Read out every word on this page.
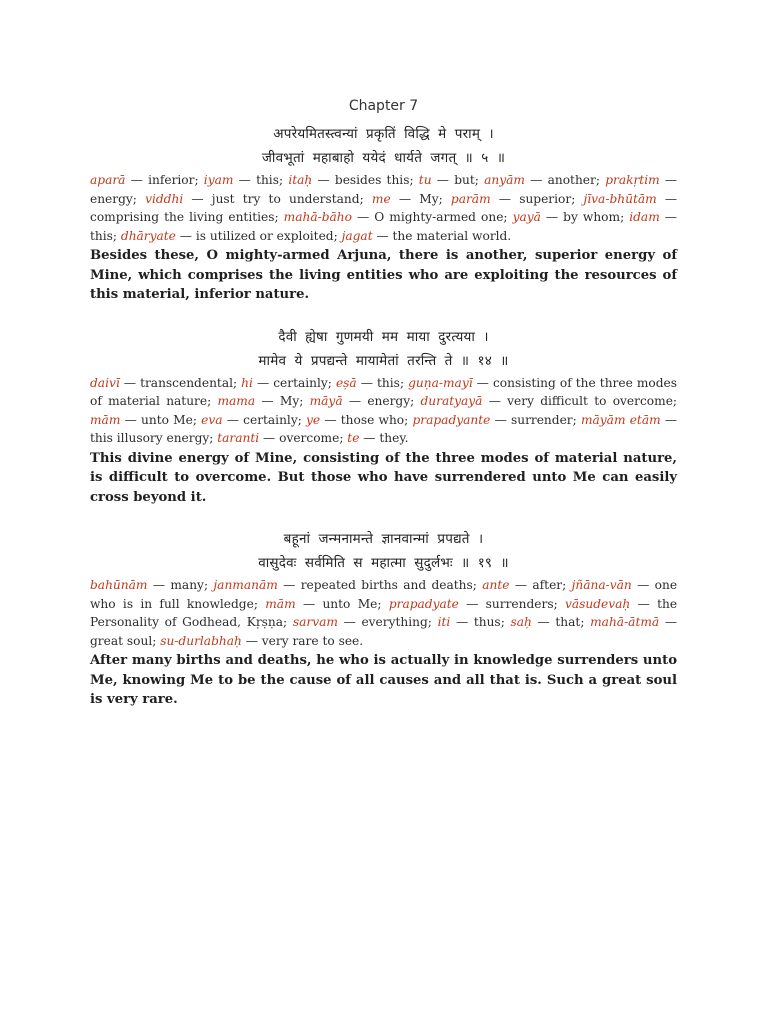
Chapter 7
अपरेयमितस्त्वन्यां प्रकृतिं विद्धि मे पराम् ।
जीवभूतां महाबाहो ययेदं धार्यते जगत् ॥ ५ ॥
aparā — inferior; iyam — this; itaḥ — besides this; tu — but; anyām — another; prakṛtim — energy; viddhi — just try to understand; me — My; parām — superior; jīva-bhūtām — comprising the living entities; mahā-bāho — O mighty-armed one; yayā — by whom; idam — this; dhāryate — is utilized or exploited; jagat — the material world.
Besides these, O mighty-armed Arjuna, there is another, superior energy of Mine, which comprises the living entities who are exploiting the resources of this material, inferior nature.
दैवी ह्येषा गुणमयी मम माया दुरत्यया ।
मामेव ये प्रपद्यन्ते मायामेतां तरन्ति ते ॥ १४ ॥
daivī — transcendental; hi — certainly; eṣā — this; guṇa-mayī — consisting of the three modes of material nature; mama — My; māyā — energy; duratyayā — very difficult to overcome; mām — unto Me; eva — certainly; ye — those who; prapadyante — surrender; māyām etām — this illusory energy; taranti — overcome; te — they.
This divine energy of Mine, consisting of the three modes of material nature, is difficult to overcome. But those who have surrendered unto Me can easily cross beyond it.
बहूनां जन्मनामन्ते ज्ञानवान्मां प्रपद्यते ।
वासुदेवः सर्वमिति स महात्मा सुदुर्लभः ॥ १९ ॥
bahūnām — many; janmanām — repeated births and deaths; ante — after; jñāna-vān — one who is in full knowledge; mām — unto Me; prapadyate — surrenders; vāsudevaḥ — the Personality of Godhead, Kṛṣṇa; sarvam — everything; iti — thus; saḥ — that; mahā-ātmā — great soul; su-durlabhaḥ — very rare to see.
After many births and deaths, he who is actually in knowledge surrenders unto Me, knowing Me to be the cause of all causes and all that is. Such a great soul is very rare.
